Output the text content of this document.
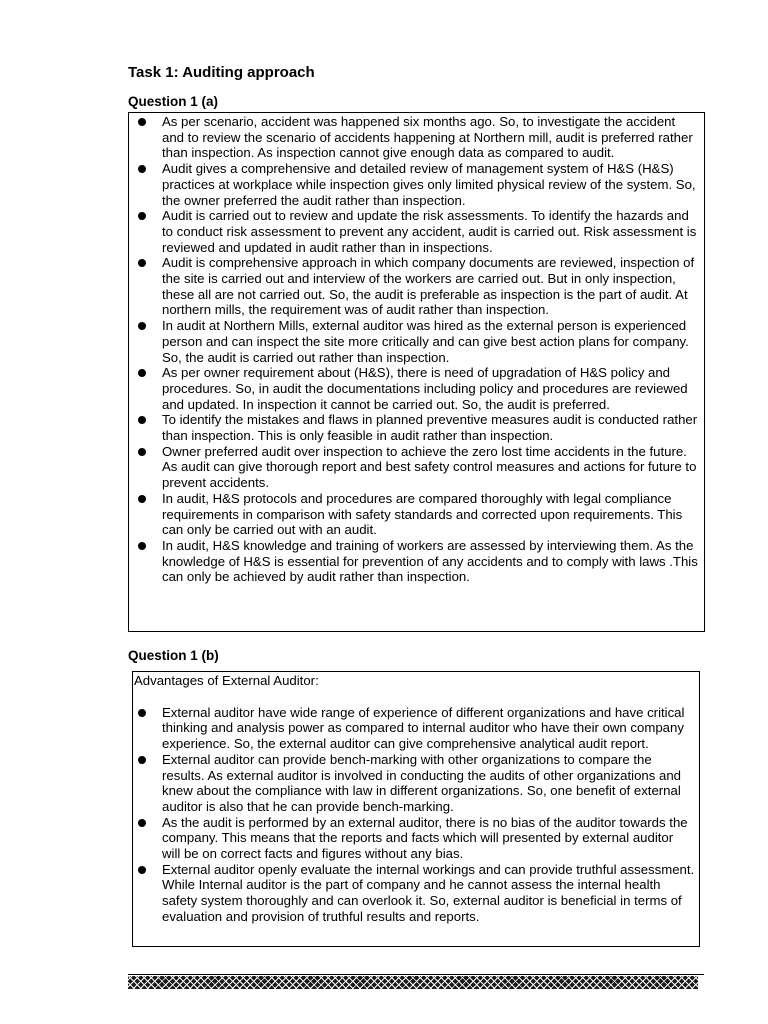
Task 1: Auditing approach
Question 1 (a)
As per scenario, accident was happened six months ago. So, to investigate the accident and to review the scenario of accidents happening at Northern mill, audit is preferred rather than inspection. As inspection cannot give enough data as compared to audit.
Audit gives a comprehensive and detailed review of management system of H&S (H&S) practices at workplace while inspection gives only limited physical review of the system. So, the owner preferred the audit rather than inspection.
Audit is carried out to review and update the risk assessments. To identify the hazards and to conduct risk assessment to prevent any accident, audit is carried out. Risk assessment is reviewed and updated in audit rather than in inspections.
Audit is comprehensive approach in which company documents are reviewed, inspection of the site is carried out and interview of the workers are carried out. But in only inspection, these all are not carried out. So, the audit is preferable as inspection is the part of audit. At northern mills, the requirement was of audit rather than inspection.
In audit at Northern Mills, external auditor was hired as the external person is experienced person and can inspect the site more critically and can give best action plans for company. So, the audit is carried out rather than inspection.
As per owner requirement about (H&S), there is need of upgradation of H&S policy and procedures. So, in audit the documentations including policy and procedures are reviewed and updated. In inspection it cannot be carried out. So, the audit is preferred.
To identify the mistakes and flaws in planned preventive measures audit is conducted rather than inspection. This is only feasible in audit rather than inspection.
Owner preferred audit over inspection to achieve the zero lost time accidents in the future. As audit can give thorough report and best safety control measures and actions for future to prevent accidents.
In audit, H&S protocols and procedures are compared thoroughly with legal compliance requirements in comparison with safety standards and corrected upon requirements. This can only be carried out with an audit.
In audit, H&S knowledge and training of workers are assessed by interviewing them. As the knowledge of H&S is essential for prevention of any accidents and to comply with laws .This can only be achieved by audit rather than inspection.
Question 1 (b)

Advantages of External Auditor:

External auditor have wide range of experience of different organizations and have critical thinking and analysis power as compared to internal auditor who have their own company experience. So, the external auditor can give comprehensive analytical audit report.
External auditor can provide bench-marking with other organizations to compare the results. As external auditor is involved in conducting the audits of other organizations and knew about the compliance with law in different organizations. So, one benefit of external auditor is also that he can provide bench-marking.
As the audit is performed by an external auditor, there is no bias of the auditor towards the company. This means that the reports and facts which will presented by external auditor will be on correct facts and figures without any bias.
External auditor openly evaluate the internal workings and can provide truthful assessment. While Internal auditor is the part of company and he cannot assess the internal health safety system thoroughly and can overlook it. So, external auditor is beneficial in terms of evaluation and provision of truthful results and reports.
